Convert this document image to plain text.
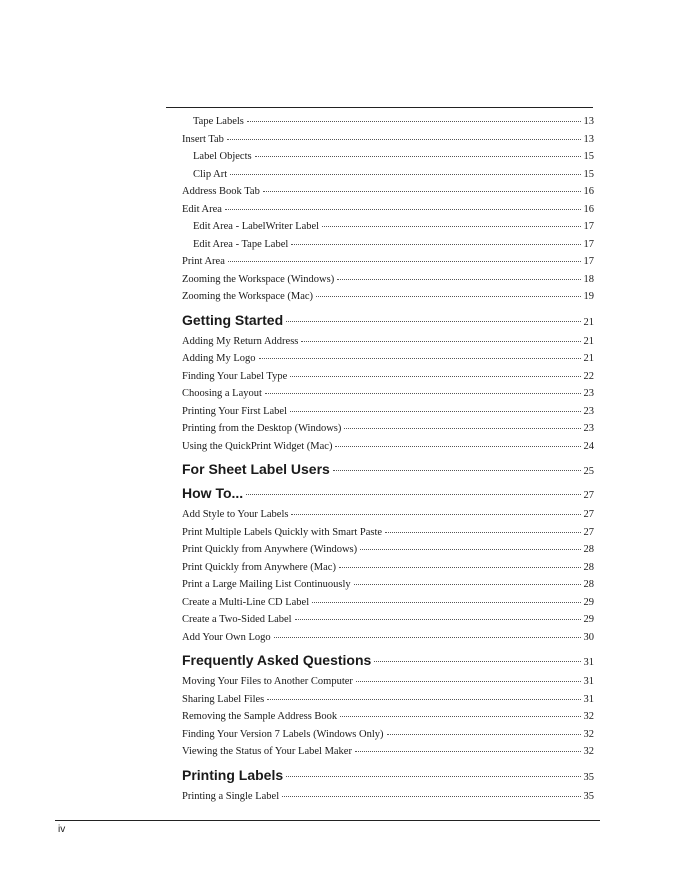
Tape Labels	13
Insert Tab	13
Label Objects	15
Clip Art	15
Address Book Tab	16
Edit Area	16
Edit Area - LabelWriter Label	17
Edit Area - Tape Label	17
Print Area	17
Zooming the Workspace (Windows)	18
Zooming the Workspace (Mac)	19
Getting Started	21
Adding My Return Address	21
Adding My Logo	21
Finding Your Label Type	22
Choosing a Layout	23
Printing Your First Label	23
Printing from the Desktop (Windows)	23
Using the QuickPrint Widget (Mac)	24
For Sheet Label Users	25
How To...	27
Add Style to Your Labels	27
Print Multiple Labels Quickly with Smart Paste	27
Print Quickly from Anywhere (Windows)	28
Print Quickly from Anywhere (Mac)	28
Print a Large Mailing List Continuously	28
Create a Multi-Line CD Label	29
Create a Two-Sided Label	29
Add Your Own Logo	30
Frequently Asked Questions	31
Moving Your Files to Another Computer	31
Sharing Label Files	31
Removing the Sample Address Book	32
Finding Your Version 7 Labels (Windows Only)	32
Viewing the Status of Your Label Maker	32
Printing Labels	35
Printing a Single Label	35
iv
